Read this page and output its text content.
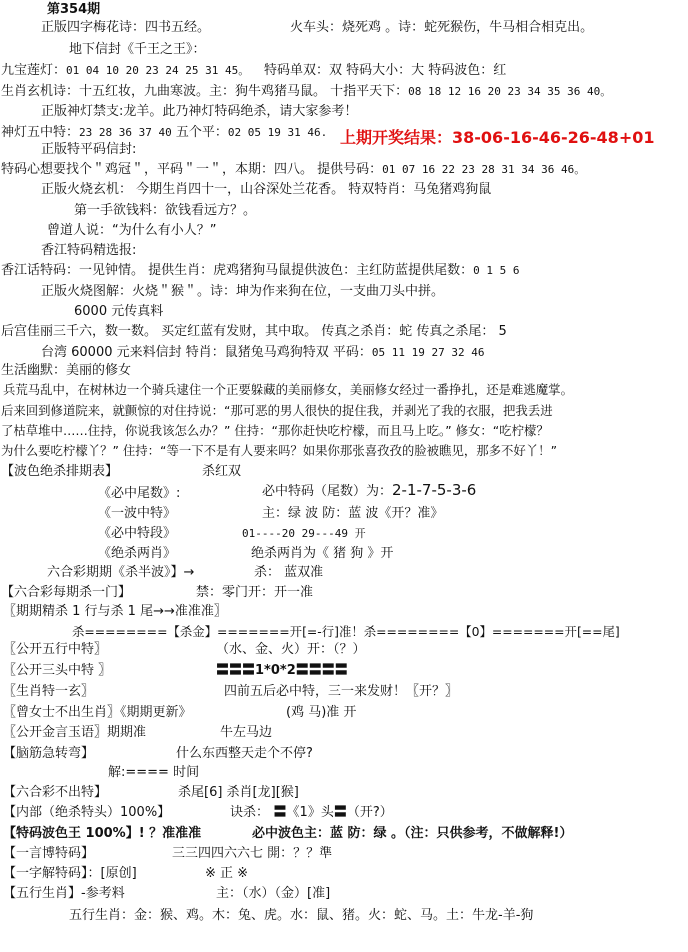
第354期
正版四字梅花诗：四书五经。	火车头：烧死鸡 。诗：蛇死猴伤，牛马相合相克出。
地下信封《千王之王》：
九宝莲灯：01 04 10 20 23 24 25 31 45。 特码单双：双 特码大小：大 特码波色：红
生肖玄机诗：十五红妆，九曲寒波。主：狗牛鸡猪马鼠。 十指平天下：08 18 12 16 20 23 34 35 36 40。
正版神灯禁支:龙羊。此乃神灯特码绝杀，请大家参考！
神灯五中特：23 28 36 37 40 五个平：02 05 19 31 46. 上期开奖结果：38-06-16-46-26-48+01
正版特平码信封:
特码心想要找个＂鸡冠＂，平码＂一＂，本期：四八。 提供号码：01 07 16 22 23 28 31 34 36 46。
正版火烧玄机： 今期生肖四十一，山谷深处兰花香。 特双特肖：马兔猪鸡狗鼠
第一手欲钱料：欲钱看远方？。
曾道人说：“为什么有小人？”
香江特码精选报:
香江话特码：一见钟情。 提供生肖：虎鸡猪狗马鼠提供波色：主红防蓝提供尾数：0 1 5 6
正版火烧图解：火烧＂猴＂。诗：坤为作来狗在位，一支曲刀头中拼。
6000 元传真料
后宫佳丽三千六，数一数。 买定红蓝有发财，其中取。 传真之杀肖：蛇 传真之杀尾： 5
台湾 60000 元来料信封 特肖：鼠猪兔马鸡狗特双 平码：05 11 19 27 32 46
生活幽默：美丽的修女
兵荒马乱中，在树林边一个骑兵逮住一个正要躲藏的美丽修女，美丽修女经过一番挣扎，还是难逃魔掌。
后来回到修道院来，就颤惊的对住持说：“那可恶的男人很快的捉住我，并剥光了我的衣服，把我丢进
了枯草堆中……住持，你说我该怎么办？” 住持：“那你赶快吃柠檬，而且马上吃。” 修女：“吃柠檬？
为什么要吃柠檬丫？” 住持：“等一下不是有人要来吗？如果你那张喜孜孜的脸被瞧见，那多不好丫！”
【波色绝杀排期表】	杀红双
《必中尾数》:	必中特码（尾数）为：2-1-7-5-3-6
《一波中特》	主：绿 波 防：蓝 波《开？准》
《必中特段》	01----20 29---49 开
《绝杀两肖》	绝杀两肖为《 猪 狗 》开
六合彩期期《杀半波》】→	杀： 蓝双准
【六合彩每期杀一门】	禁：零门开：开一准
〖期期精杀 1 行与杀 1 尾→→准准准〗
杀========【杀金】=======开[=-行]准！杀========【0】=======开[==尾]
〖公开五行中特〗	（水、金、火）开：（？）
〖公开三头中特 〗	〓〓〓1*0*2〓〓〓〓
〖生肖特一玄〗	四前五后必中特，三一来发财！〖开？〗
〖曾女士不出生肖〗《期期更新》	(鸡 马)准 开
〖公开金言玉语〗期期准	牛左马边
【脑筋急转弯】	什么东西整天走个不停?
解:==== 时间
【六合彩不出特】	杀尾[6] 杀肖[龙][猴]
【内部（绝杀特头）100%】	诀杀： 〓《1》头〓（开?）
【特码波色王 100%】! ？准准准	必中波色主：蓝 防：绿 。（注：只供参考，不做解释!）
【一言博特码】	三三四四六六七 開：？？準
【一字解特码】：[原创]	※ 正 ※
【五行生肖】-参考料	主：（水）（金）[准]
五行生肖：金：猴、鸡。木：兔、虎。水：鼠、猪。火：蛇、马。土：牛龙-羊-狗
